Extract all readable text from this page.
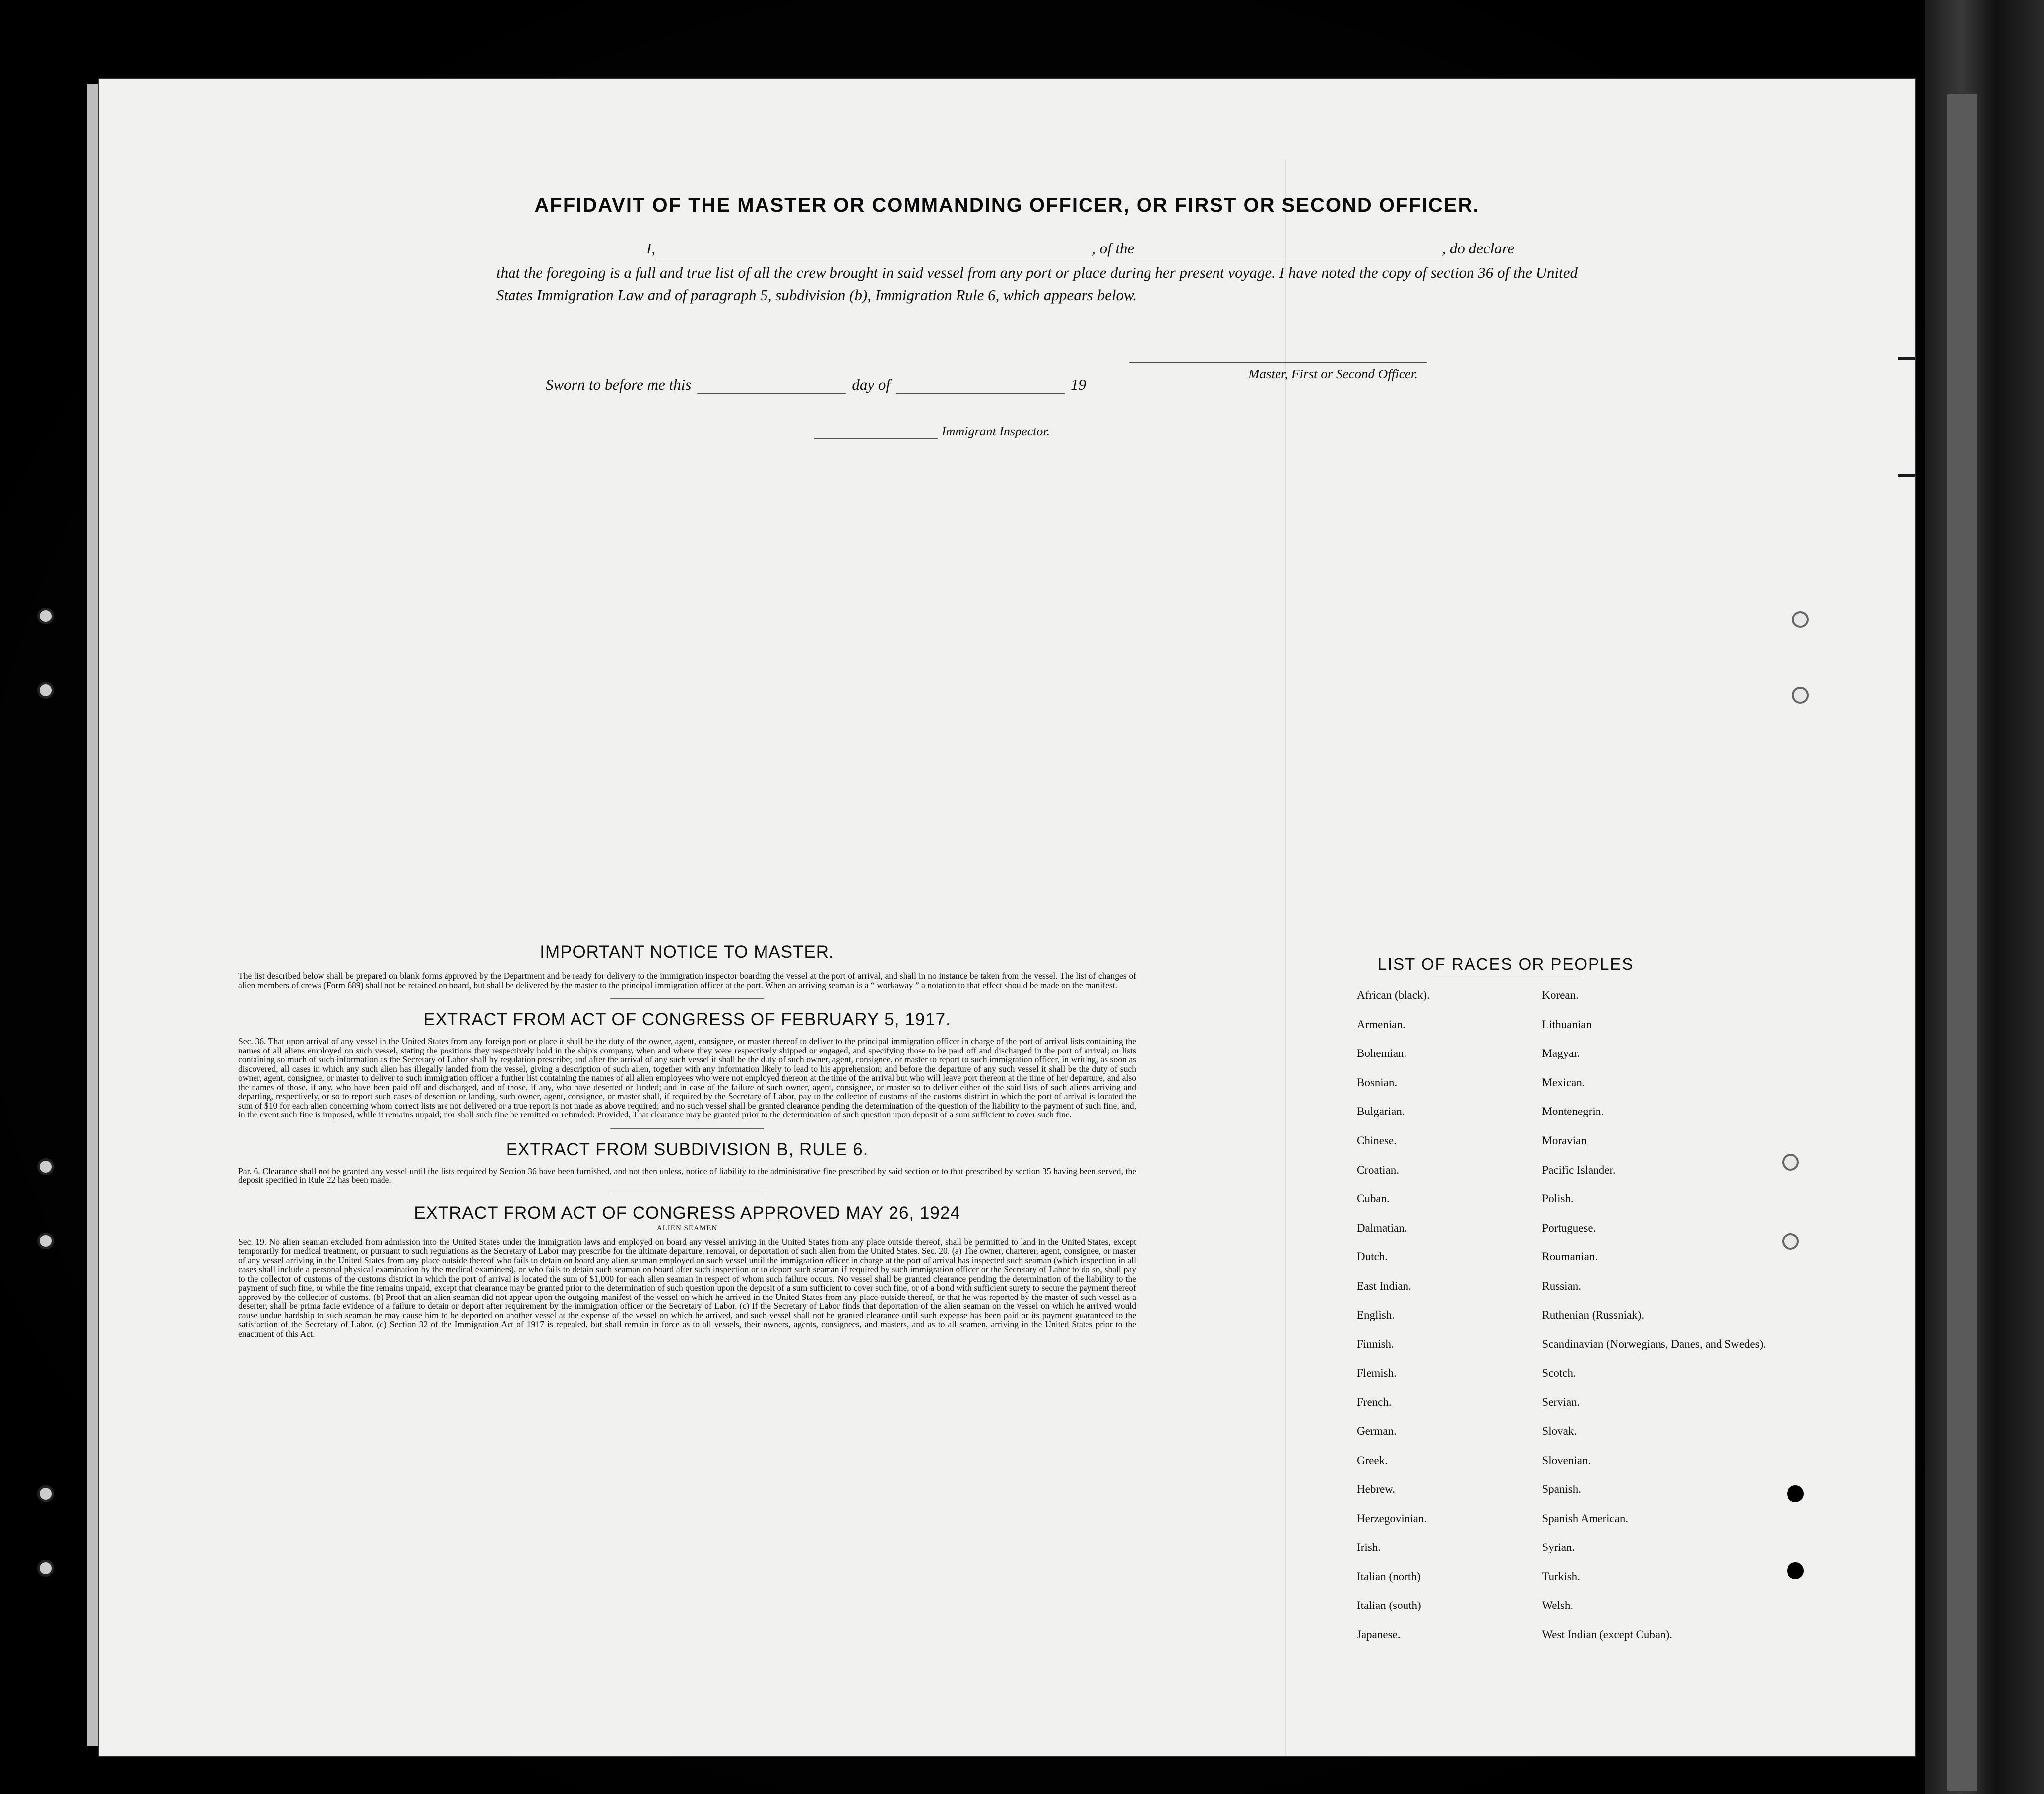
AFFIDAVIT OF THE MASTER OR COMMANDING OFFICER, OR FIRST OR SECOND OFFICER.
I,	, of the	, do declare
that the foregoing is a full and true list of all the crew brought in said vessel from any port or place during her present voyage. I have noted the copy of section 36 of the United States Immigration Law and of paragraph 5, subdivision (b), Immigration Rule 6, which appears below.
Master, First or Second Officer.
Sworn to before me this	day of	19
Immigrant Inspector.
IMPORTANT NOTICE TO MASTER.

The list described below shall be prepared on blank forms approved by the Department and be ready for delivery to the immigration inspector boarding the vessel at the port of arrival, and shall in no instance be taken from the vessel. The list of changes of alien members of crews (Form 689) shall not be retained on board, but shall be delivered by the master to the principal immigration officer at the port. When an arriving seaman is a “ workaway ” a notation to that effect should be made on the manifest.

EXTRACT FROM ACT OF CONGRESS OF FEBRUARY 5, 1917.

Sec. 36. That upon arrival of any vessel in the United States from any foreign port or place it shall be the duty of the owner, agent, consignee, or master thereof to deliver to the principal immigration officer in charge of the port of arrival lists containing the names of all aliens employed on such vessel, stating the positions they respectively hold in the ship's company, when and where they were respectively shipped or engaged, and specifying those to be paid off and discharged in the port of arrival; or lists containing so much of such information as the Secretary of Labor shall by regulation prescribe; and after the arrival of any such vessel it shall be the duty of such owner, agent, consignee, or master to report to such immigration officer, in writing, as soon as discovered, all cases in which any such alien has illegally landed from the vessel, giving a description of such alien, together with any information likely to lead to his apprehension; and before the departure of any such vessel it shall be the duty of such owner, agent, consignee, or master to deliver to such immigration officer a further list containing the names of all alien employees who were not employed thereon at the time of the arrival but who will leave port thereon at the time of her departure, and also the names of those, if any, who have been paid off and discharged, and of those, if any, who have deserted or landed; and in case of the failure of such owner, agent, consignee, or master so to deliver either of the said lists of such aliens arriving and departing, respectively, or so to report such cases of desertion or landing, such owner, agent, consignee, or master shall, if required by the Secretary of Labor, pay to the collector of customs of the customs district in which the port of arrival is located the sum of $10 for each alien concerning whom correct lists are not delivered or a true report is not made as above required; and no such vessel shall be granted clearance pending the determination of the question of the liability to the payment of such fine, and, in the event such fine is imposed, while it remains unpaid; nor shall such fine be remitted or refunded: Provided, That clearance may be granted prior to the determination of such question upon deposit of a sum sufficient to cover such fine.

EXTRACT FROM SUBDIVISION B, RULE 6.

Par. 6. Clearance shall not be granted any vessel until the lists required by Section 36 have been furnished, and not then unless, notice of liability to the administrative fine prescribed by said section or to that prescribed by section 35 having been served, the deposit specified in Rule 22 has been made.

EXTRACT FROM ACT OF CONGRESS APPROVED MAY 26, 1924

ALIEN SEAMEN

Sec. 19. No alien seaman excluded from admission into the United States under the immigration laws and employed on board any vessel arriving in the United States from any place outside thereof, shall be permitted to land in the United States, except temporarily for medical treatment, or pursuant to such regulations as the Secretary of Labor may prescribe for the ultimate departure, removal, or deportation of such alien from the United States. Sec. 20. (a) The owner, charterer, agent, consignee, or master of any vessel arriving in the United States from any place outside thereof who fails to detain on board any alien seaman employed on such vessel until the immigration officer in charge at the port of arrival has inspected such seaman (which inspection in all cases shall include a personal physical examination by the medical examiners), or who fails to detain such seaman on board after such inspection or to deport such seaman if required by such immigration officer or the Secretary of Labor to do so, shall pay to the collector of customs of the customs district in which the port of arrival is located the sum of $1,000 for each alien seaman in respect of whom such failure occurs. No vessel shall be granted clearance pending the determination of the liability to the payment of such fine, or while the fine remains unpaid, except that clearance may be granted prior to the determination of such question upon the deposit of a sum sufficient to cover such fine, or of a bond with sufficient surety to secure the payment thereof approved by the collector of customs. (b) Proof that an alien seaman did not appear upon the outgoing manifest of the vessel on which he arrived in the United States from any place outside thereof, or that he was reported by the master of such vessel as a deserter, shall be prima facie evidence of a failure to detain or deport after requirement by the immigration officer or the Secretary of Labor. (c) If the Secretary of Labor finds that deportation of the alien seaman on the vessel on which he arrived would cause undue hardship to such seaman he may cause him to be deported on another vessel at the expense of the vessel on which he arrived, and such vessel shall not be granted clearance until such expense has been paid or its payment guaranteed to the satisfaction of the Secretary of Labor. (d) Section 32 of the Immigration Act of 1917 is repealed, but shall remain in force as to all vessels, their owners, agents, consignees, and masters, and as to all seamen, arriving in the United States prior to the enactment of this Act.

LIST OF RACES OR PEOPLES
African (black).
Armenian.
Bohemian.
Bosnian.
Bulgarian.
Chinese.
Croatian.
Cuban.
Dalmatian.
Dutch.
East Indian.
English.
Finnish.
Flemish.
French.
German.
Greek.
Hebrew.
Herzegovinian.
Irish.
Italian (north)
Italian (south)
Japanese.
Korean.
Lithuanian
Magyar.
Mexican.
Montenegrin.
Moravian
Pacific Islander.
Polish.
Portuguese.
Roumanian.
Russian.
Ruthenian (Russniak).
Scandinavian (Norwegians, Danes, and Swedes).
Scotch.
Servian.
Slovak.
Slovenian.
Spanish.
Spanish American.
Syrian.
Turkish.
Welsh.
West Indian (except Cuban).
